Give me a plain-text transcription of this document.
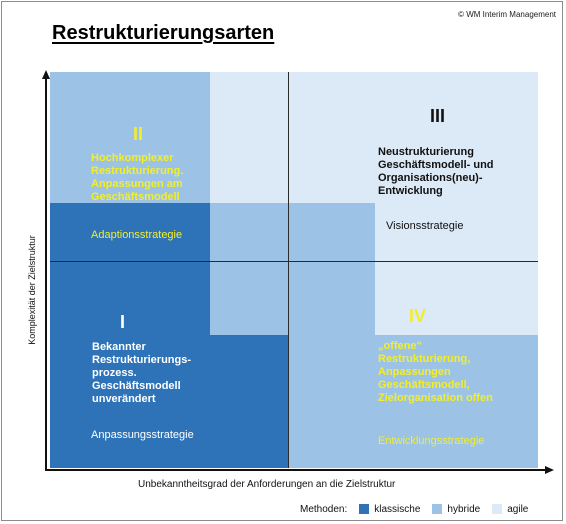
© WM Interim Management
Restrukturierungsarten
Komplexität der Zielstruktur
Unbekanntheitsgrad der Anforderungen an die Zielstruktur
II
Hochkomplexer Restrukturierung. Anpassungen am Geschäftsmodell
Adaptionsstrategie
III
Neustrukturierung Geschäftsmodell- und Organisations(neu)-Entwicklung
Visionsstrategie
I
Bekannter Restrukturierungs-prozess. Geschäftsmodell unverändert
Anpassungsstrategie
IV
„offene“ Restrukturierung, Anpassungen Geschäftsmodell, Zielorganisation offen
Entwicklungsstrategie
Methoden:	klassische	hybride	agile
